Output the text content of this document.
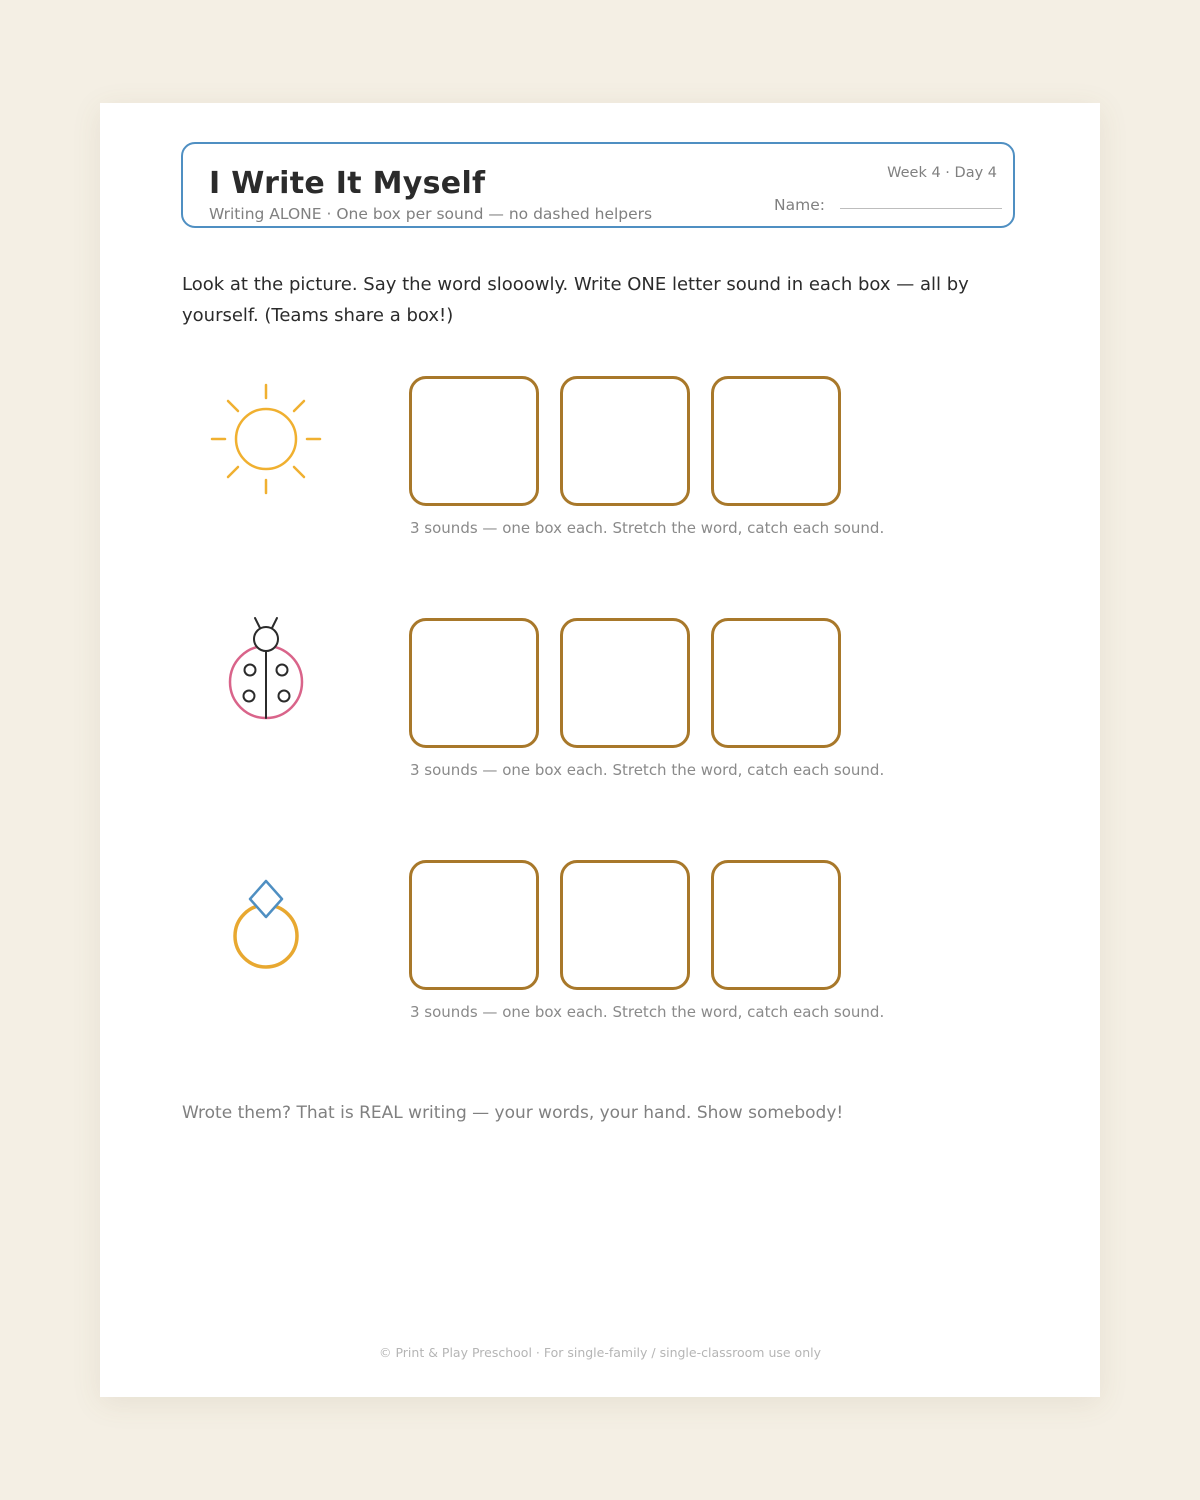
I Write It Myself
Writing ALONE · One box per sound — no dashed helpers
Week 4 · Day 4
Name:
Look at the picture. Say the word slooowly. Write ONE letter sound in each box — all by yourself. (Teams share a box!)
3 sounds — one box each. Stretch the word, catch each sound.
3 sounds — one box each. Stretch the word, catch each sound.
3 sounds — one box each. Stretch the word, catch each sound.
Wrote them? That is REAL writing — your words, your hand. Show somebody!
© Print & Play Preschool · For single-family / single-classroom use only
